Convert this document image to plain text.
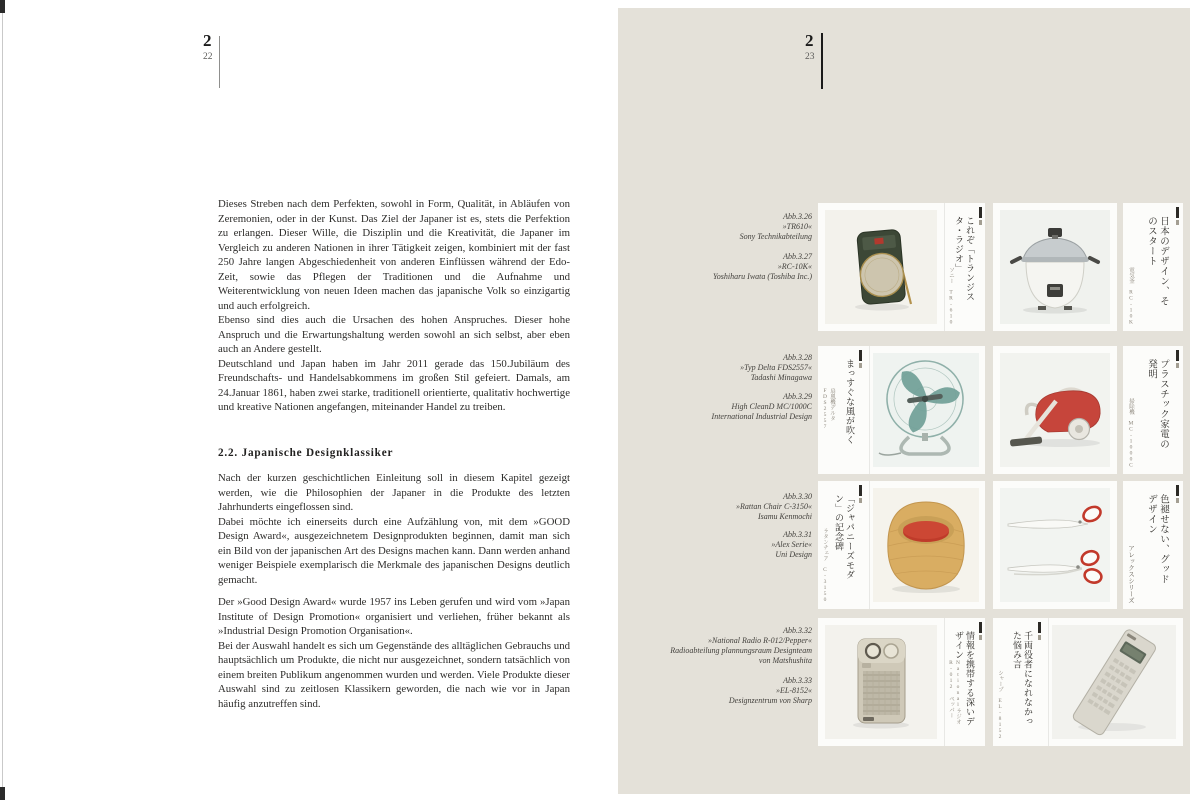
2
22

Dieses Streben nach dem Perfekten, sowohl in Form, Qualität, in Abläufen von Zeremonien, oder in der Kunst. Das Ziel der Japaner ist es, stets die Perfektion zu erlangen. Dieser Wille, die Disziplin und die Kreativität, die Japaner im Vergleich zu anderen Nationen in ihrer Tätigkeit zeigen, kombiniert mit der fast 250 Jahre langen Abgeschiedenheit von anderen Einflüssen während der Edo-Zeit, sowie das Pflegen der Traditionen und die Aufnahme und Weiterentwicklung von neuen Ideen machen das japanische Volk so einzigartig und auch erfolgreich.

Ebenso sind dies auch die Ursachen des hohen Anspruches. Dieser hohe Anspruch und die Erwartungshaltung werden sowohl an sich selbst, aber eben auch an Andere gestellt.

Deutschland und Japan haben im Jahr 2011 gerade das 150.Jubiläum des Freundschafts- und Handelsabkommens im großen Stil gefeiert. Damals, am 24.Januar 1861, haben zwei starke, traditionell orientierte, qualitativ hochwertige und kreative Nationen angefangen, miteinander Handel zu treiben.

2.2. Japanische Designklassiker

Nach der kurzen geschichtlichen Einleitung soll in diesem Kapitel gezeigt werden, wie die Philosophien der Japaner in die Produkte des letzten Jahrhunderts eingeflossen sind.

Dabei möchte ich einerseits durch eine Aufzählung von, mit dem »GOOD Design Award«, ausgezeichnetem Designprodukten beginnen, damit man sich ein Bild von der japanischen Art des Designs machen kann. Dann werden anhand weniger Beispiele exemplarisch die Merkmale des japanischen Designs deutlich gemacht.

Der »Good Design Award« wurde 1957 ins Leben gerufen und wird vom »Japan Institute of Design Promotion« organisiert und verliehen, früher bekannt als »Industrial Design Promotion Organisation«.

Bei der Auswahl handelt es sich um Gegenstände des alltäglichen Gebrauchs und hauptsächlich um Produkte, die nicht nur ausgezeichnet, sondern tatsächlich von einem breiten Publikum angenommen wurden und werden. Viele Produkte dieser Auswahl sind zu zeitlosen Klassikern geworden, die nach wie vor in Japan häufig anzutreffen sind.

2
23
Abb.3.26
»TR610«
Sony Technikabteilung
Abb.3.27
»RC-10K«
Yoshiharu Iwata (Toshiba Inc.)
Abb.3.28
»Typ Delta FDS2557«
Tadashi Minagawa
Abb.3.29
High CleanD MC/1000C
International Industrial Design
Abb.3.30
»Rattan Chair C-3150«
Isamu Kenmochi
Abb.3.31
»Alex Serie«
Uni Design
Abb.3.32
»National Radio R-012/Pepper«
Radioabteilung plannungsraum Designteam
von Matshushita
Abb.3.33
»EL-8152«
Designzentrum von Sharp
これぞ「トランジスタ・ラジオ」
ソニー TR-610	日本のデザイン、そのスタート
電気釜 RC-10K
まっすぐな風が吹く
扇風機デルタ FDS2557	プラスチック家電の発明
掃除機 MC-1000C
「ジャパニーズモダン」の記念碑
ラタンチェア C-3150	色褪せない、グッドデザイン
アレックスシリーズ
情報を携帯する深いデザイン
Nationalラジオ R-012 ペッパー	千両役者になれなかった悩み言
シャープ EL-8152
